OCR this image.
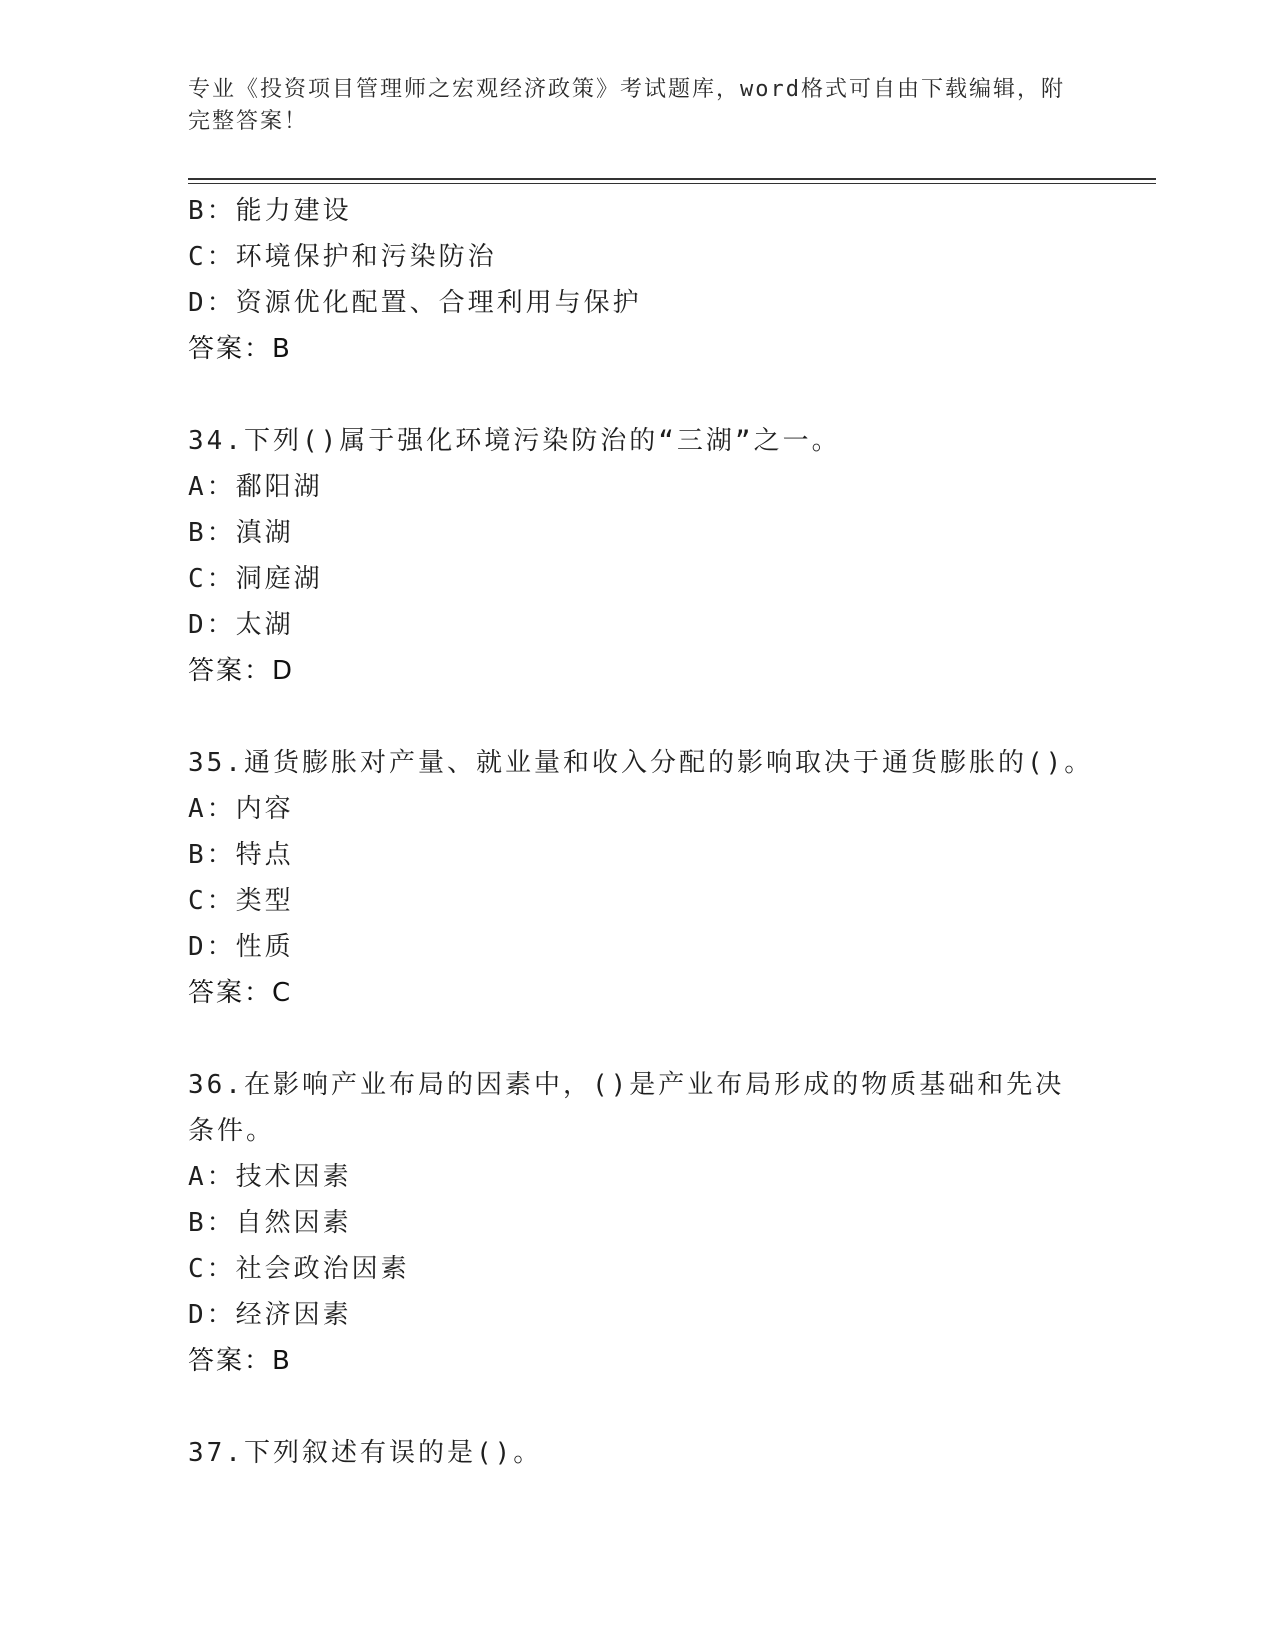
专业《投资项目管理师之宏观经济政策》考试题库，word格式可自由下载编辑，附完整答案！
B：能力建设
C：环境保护和污染防治
D：资源优化配置、合理利用与保护
答案：B
34.下列()属于强化环境污染防治的“三湖”之一。
A：鄱阳湖
B：滇湖
C：洞庭湖
D：太湖
答案：D
35.通货膨胀对产量、就业量和收入分配的影响取决于通货膨胀的()。
A：内容
B：特点
C：类型
D：性质
答案：C
36.在影响产业布局的因素中，()是产业布局形成的物质基础和先决条件。
A：技术因素
B：自然因素
C：社会政治因素
D：经济因素
答案：B
37.下列叙述有误的是()。
